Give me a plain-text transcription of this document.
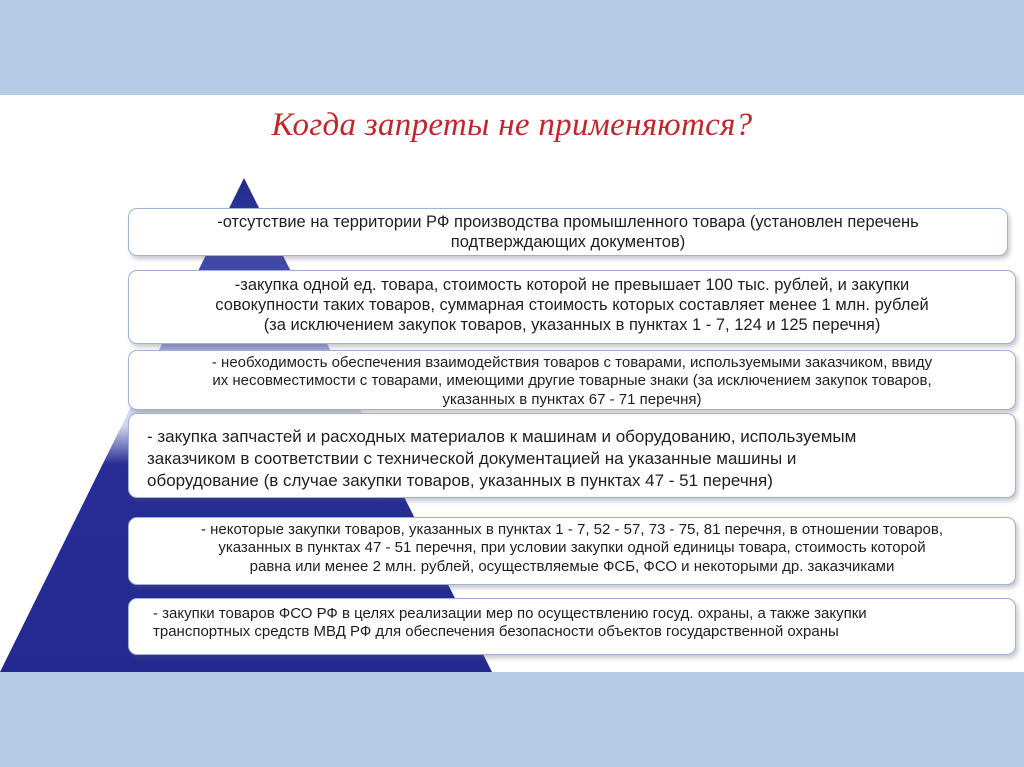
Когда запреты не применяются?

-отсутствие на территории РФ производства промышленного товара (установлен перечень

подтверждающих документов)

-закупка одной ед. товара, стоимость которой не превышает 100 тыс. рублей, и закупки

совокупности таких товаров, суммарная стоимость которых составляет менее 1 млн. рублей

(за исключением закупок товаров, указанных в пунктах 1 - 7, 124 и 125 перечня)

- необходимость обеспечения взаимодействия товаров с товарами, используемыми заказчиком, ввиду

их несовместимости с товарами, имеющими другие товарные знаки (за исключением закупок товаров,

указанных в пунктах 67 - 71 перечня)

- закупка запчастей и расходных материалов к машинам и оборудованию, используемым

заказчиком в соответствии с технической документацией на указанные машины и

оборудование (в случае закупки товаров, указанных в пунктах 47 - 51 перечня)

- некоторые закупки товаров, указанных в пунктах 1 - 7, 52 - 57, 73 - 75, 81 перечня, в отношении товаров,

указанных в пунктах 47 - 51 перечня, при условии закупки одной единицы товара, стоимость которой

равна или менее 2 млн. рублей, осуществляемые ФСБ, ФСО и некоторыми др. заказчиками

- закупки товаров ФСО РФ в целях реализации мер по осуществлению госуд. охраны, а также закупки

транспортных средств МВД РФ для обеспечения безопасности объектов государственной охраны
